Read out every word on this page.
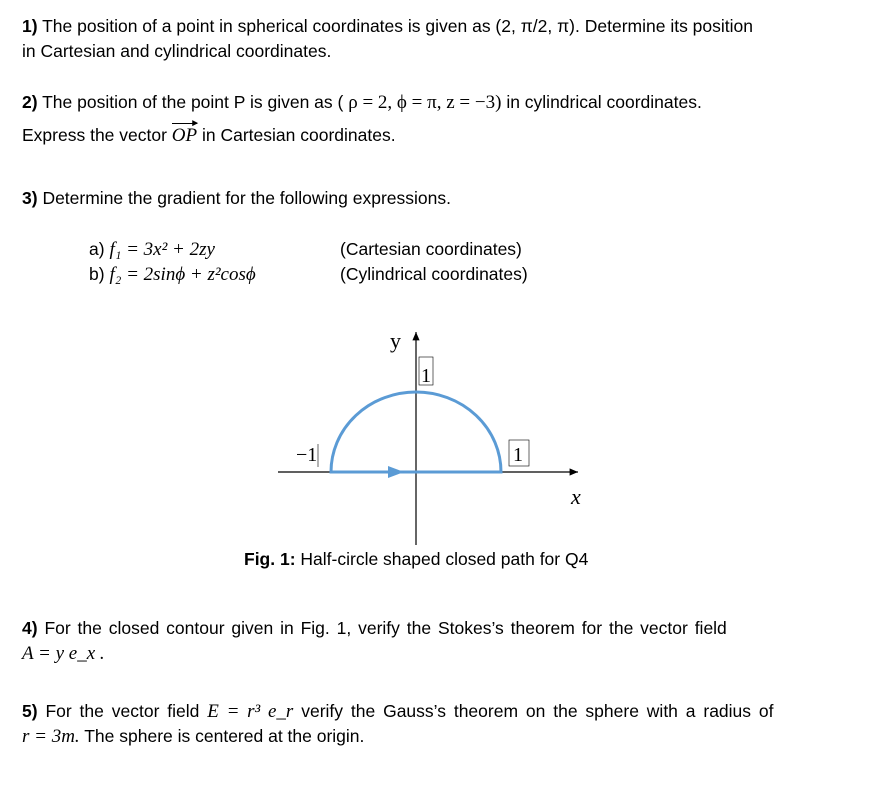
1) The position of a point in spherical coordinates is given as (2, π/2, π). Determine its position
in Cartesian and cylindrical coordinates.
2) The position of the point P is given as ( ρ = 2, ϕ = π, z = −3) in cylindrical coordinates.
Express the vector
►
OP in Cartesian coordinates.
3) Determine the gradient for the following expressions.
a) f₁ = 3x² + 2zy	(Cartesian coordinates)
b) f₂ = 2sinϕ + z²cosϕ	(Cylindrical coordinates)
1
−1	1
y
x
Fig. 1: Half-circle shaped closed path for Q4
4) For the closed contour given in Fig. 1, verify the Stokes’s theorem for the vector field
A = y e_x .
5) For the vector field E = r³ e_r verify the Gauss’s theorem on the sphere with a radius of
r = 3m. The sphere is centered at the origin.
